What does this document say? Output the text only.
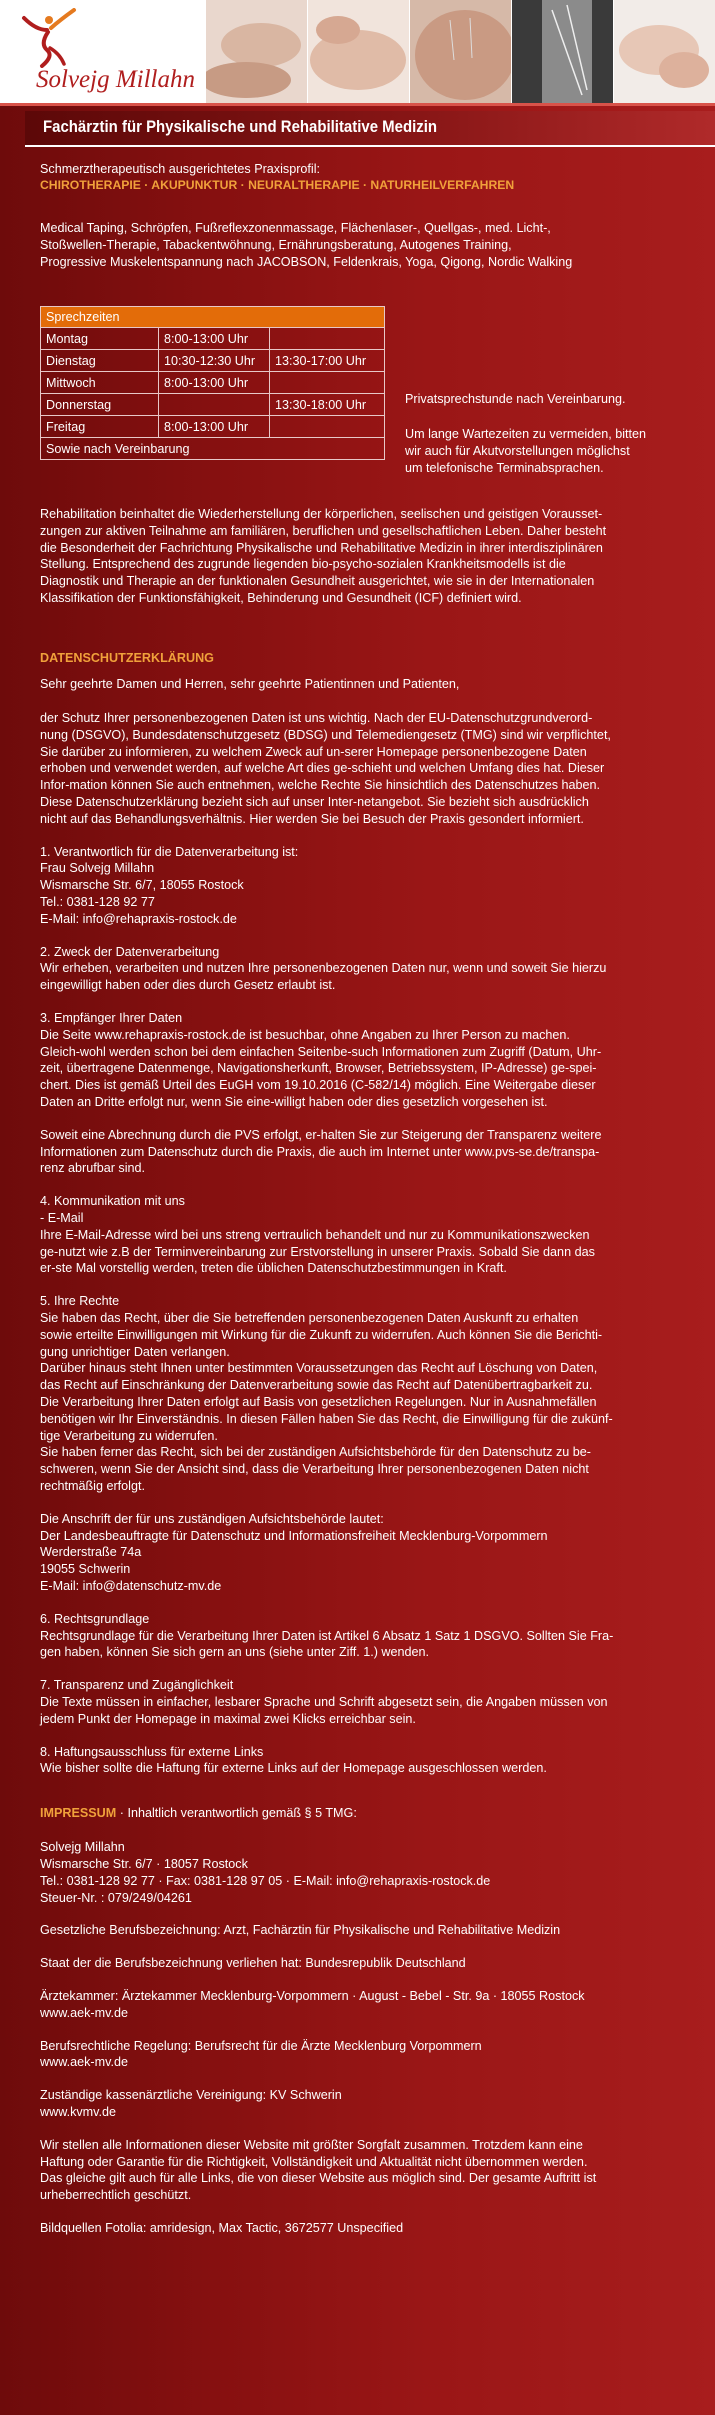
Solvejg Millahn
Fachärztin für Physikalische und Rehabilitative Medizin
Schmerztherapeutisch ausgerichtetes Praxisprofil:
CHIROTHERAPIE · AKUPUNKTUR · NEURALTHERAPIE · NATURHEILVERFAHREN
Medical Taping, Schröpfen, Fußreflexzonenmassage, Flächenlaser-, Quellgas-, med. Licht-,
Stoßwellen-Therapie, Tabackentwöhnung, Ernährungsberatung, Autogenes Training,
Progressive Muskelentspannung nach JACOBSON, Feldenkrais, Yoga, Qigong, Nordic Walking
Sprechzeiten		
Montag	8:00-13:00 Uhr	
Dienstag	10:30-12:30 Uhr	13:30-17:00 Uhr
Mittwoch	8:00-13:00 Uhr	
Donnerstag		13:30-18:00 Uhr
Freitag	8:00-13:00 Uhr	
Sowie nach Vereinbarung		
Privatsprechstunde nach Vereinbarung.
Um lange Wartezeiten zu vermeiden, bitten
wir auch für Akutvorstellungen möglichst
um telefonische Terminabsprachen.
Rehabilitation beinhaltet die Wiederherstellung der körperlichen, seelischen und geistigen Vorausset-
zungen zur aktiven Teilnahme am familiären, beruflichen und gesellschaftlichen Leben. Daher besteht
die Besonderheit der Fachrichtung Physikalische und Rehabilitative Medizin in ihrer interdisziplinären
Stellung. Entsprechend des zugrunde liegenden bio-psycho-sozialen Krankheitsmodells ist die
Diagnostik und Therapie an der funktionalen Gesundheit ausgerichtet, wie sie in der Internationalen
Klassifikation der Funktionsfähigkeit, Behinderung und Gesundheit (ICF) definiert wird.
DATENSCHUTZERKLÄRUNG
Sehr geehrte Damen und Herren, sehr geehrte Patientinnen und Patienten,
der Schutz Ihrer personenbezogenen Daten ist uns wichtig. Nach der EU-Datenschutzgrundverord-
nung (DSGVO), Bundesdatenschutzgesetz (BDSG) und Telemediengesetz (TMG) sind wir verpflichtet,
Sie darüber zu informieren, zu welchem Zweck auf un-serer Homepage personenbezogene Daten
erhoben und verwendet werden, auf welche Art dies ge-schieht und welchen Umfang dies hat. Dieser
Infor-mation können Sie auch entnehmen, welche Rechte Sie hinsichtlich des Datenschutzes haben.
Diese Datenschutzerklärung bezieht sich auf unser Inter-netangebot. Sie bezieht sich ausdrücklich
nicht auf das Behandlungsverhältnis. Hier werden Sie bei Besuch der Praxis gesondert informiert.
1. Verantwortlich für die Datenverarbeitung ist:
Frau Solvejg Millahn
Wismarsche Str. 6/7, 18055 Rostock
Tel.: 0381-128 92 77
E-Mail: info@rehapraxis-rostock.de
2. Zweck der Datenverarbeitung
Wir erheben, verarbeiten und nutzen Ihre personenbezogenen Daten nur, wenn und soweit Sie hierzu
eingewilligt haben oder dies durch Gesetz erlaubt ist.
3. Empfänger Ihrer Daten
Die Seite www.rehapraxis-rostock.de ist besuchbar, ohne Angaben zu Ihrer Person zu machen.
Gleich-wohl werden schon bei dem einfachen Seitenbe-such Informationen zum Zugriff (Datum, Uhr-
zeit, übertragene Datenmenge, Navigationsherkunft, Browser, Betriebssystem, IP-Adresse) ge-spei-
chert. Dies ist gemäß Urteil des EuGH vom 19.10.2016 (C-582/14) möglich. Eine Weitergabe dieser
Daten an Dritte erfolgt nur, wenn Sie eine-willigt haben oder dies gesetzlich vorgesehen ist.
Soweit eine Abrechnung durch die PVS erfolgt, er-halten Sie zur Steigerung der Transparenz weitere
Informationen zum Datenschutz durch die Praxis, die auch im Internet unter www.pvs-se.de/transpa-
renz abrufbar sind.
4. Kommunikation mit uns
- E-Mail
Ihre E-Mail-Adresse wird bei uns streng vertraulich behandelt und nur zu Kommunikationszwecken
ge-nutzt wie z.B der Terminvereinbarung zur Erstvorstellung in unserer Praxis. Sobald Sie dann das
er-ste Mal vorstellig werden, treten die üblichen Datenschutzbestimmungen in Kraft.
5. Ihre Rechte
Sie haben das Recht, über die Sie betreffenden personenbezogenen Daten Auskunft zu erhalten
sowie erteilte Einwilligungen mit Wirkung für die Zukunft zu widerrufen. Auch können Sie die Berichti-
gung unrichtiger Daten verlangen.
Darüber hinaus steht Ihnen unter bestimmten Voraussetzungen das Recht auf Löschung von Daten,
das Recht auf Einschränkung der Datenverarbeitung sowie das Recht auf Datenübertragbarkeit zu.
Die Verarbeitung Ihrer Daten erfolgt auf Basis von gesetzlichen Regelungen. Nur in Ausnahmefällen
benötigen wir Ihr Einverständnis. In diesen Fällen haben Sie das Recht, die Einwilligung für die zukünf-
tige Verarbeitung zu widerrufen.
Sie haben ferner das Recht, sich bei der zuständigen Aufsichtsbehörde für den Datenschutz zu be-
schweren, wenn Sie der Ansicht sind, dass die Verarbeitung Ihrer personenbezogenen Daten nicht
rechtmäßig erfolgt.
Die Anschrift der für uns zuständigen Aufsichtsbehörde lautet:
Der Landesbeauftragte für Datenschutz und Informationsfreiheit Mecklenburg-Vorpommern
Werderstraße 74a
19055 Schwerin
E-Mail: info@datenschutz-mv.de
6. Rechtsgrundlage
Rechtsgrundlage für die Verarbeitung Ihrer Daten ist Artikel 6 Absatz 1 Satz 1 DSGVO. Sollten Sie Fra-
gen haben, können Sie sich gern an uns (siehe unter Ziff. 1.) wenden.
7. Transparenz und Zugänglichkeit
Die Texte müssen in einfacher, lesbarer Sprache und Schrift abgesetzt sein, die Angaben müssen von
jedem Punkt der Homepage in maximal zwei Klicks erreichbar sein.
8. Haftungsausschluss für externe Links
Wie bisher sollte die Haftung für externe Links auf der Homepage ausgeschlossen werden.
IMPRESSUM · Inhaltlich verantwortlich gemäß § 5 TMG:
Solvejg Millahn
Wismarsche Str. 6/7 · 18057 Rostock
Tel.: 0381-128 92 77 · Fax: 0381-128 97 05 · E-Mail: info@rehapraxis-rostock.de
Steuer-Nr. : 079/249/04261
Gesetzliche Berufsbezeichnung: Arzt, Fachärztin für Physikalische und Rehabilitative Medizin
Staat der die Berufsbezeichnung verliehen hat: Bundesrepublik Deutschland
Ärztekammer: Ärztekammer Mecklenburg-Vorpommern · August - Bebel - Str. 9a · 18055 Rostock
www.aek-mv.de
Berufsrechtliche Regelung: Berufsrecht für die Ärzte Mecklenburg Vorpommern
www.aek-mv.de
Zuständige kassenärztliche Vereinigung: KV Schwerin
www.kvmv.de
Wir stellen alle Informationen dieser Website mit größter Sorgfalt zusammen. Trotzdem kann eine
Haftung oder Garantie für die Richtigkeit, Vollständigkeit und Aktualität nicht übernommen werden.
Das gleiche gilt auch für alle Links, die von dieser Website aus möglich sind. Der gesamte Auftritt ist
urheberrechtlich geschützt.
Bildquellen Fotolia: amridesign, Max Tactic, 3672577 Unspecified
